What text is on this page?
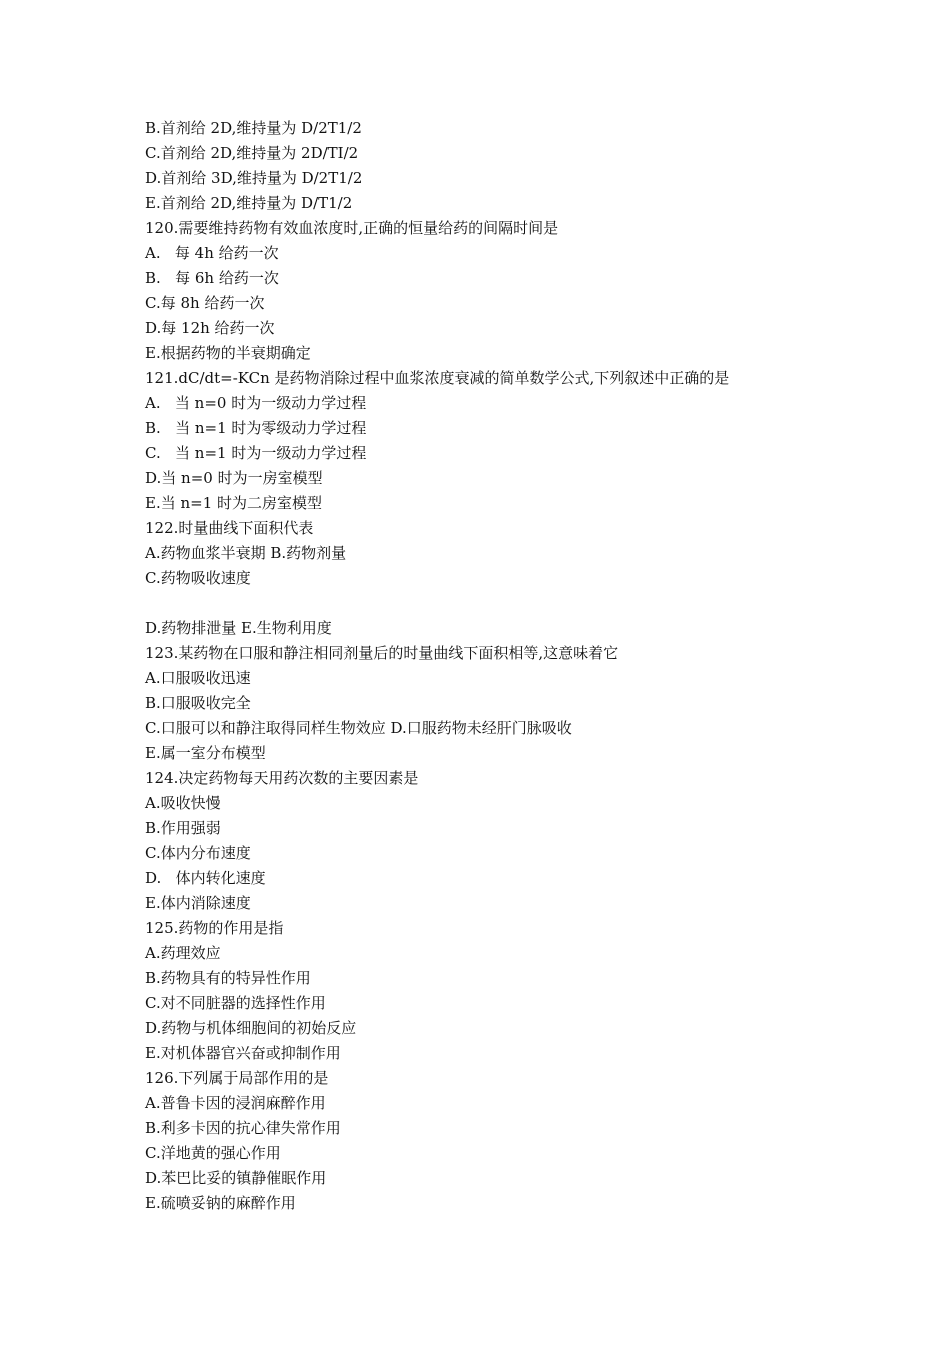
B.首剂给 2D,维持量为 D/2T1/2
C.首剂给 2D,维持量为 2D/TI/2
D.首剂给 3D,维持量为 D/2T1/2
E.首剂给 2D,维持量为 D/T1/2
120.需要维持药物有效血浓度时,正确的恒量给药的间隔时间是
A.   每 4h 给药一次
B.   每 6h 给药一次
C.每 8h 给药一次
D.每 12h 给药一次
E.根据药物的半衰期确定
121.dC/dt=-KCn 是药物消除过程中血浆浓度衰减的简单数学公式,下列叙述中正确的是
A.   当 n=0 时为一级动力学过程
B.   当 n=1 时为零级动力学过程
C.   当 n=1 时为一级动力学过程
D.当 n=0 时为一房室模型
E.当 n=1 时为二房室模型
122.时量曲线下面积代表
A.药物血浆半衰期 B.药物剂量
C.药物吸收速度
D.药物排泄量 E.生物利用度
123.某药物在口服和静注相同剂量后的时量曲线下面积相等,这意味着它
A.口服吸收迅速
B.口服吸收完全
C.口服可以和静注取得同样生物效应 D.口服药物未经肝门脉吸收
E.属一室分布模型
124.决定药物每天用药次数的主要因素是
A.吸收快慢
B.作用强弱
C.体内分布速度
D.   体内转化速度
E.体内消除速度
125.药物的作用是指
A.药理效应
B.药物具有的特异性作用
C.对不同脏器的选择性作用
D.药物与机体细胞间的初始反应
E.对机体器官兴奋或抑制作用
126.下列属于局部作用的是
A.普鲁卡因的浸润麻醉作用
B.利多卡因的抗心律失常作用
C.洋地黄的强心作用
D.苯巴比妥的镇静催眠作用
E.硫喷妥钠的麻醉作用
